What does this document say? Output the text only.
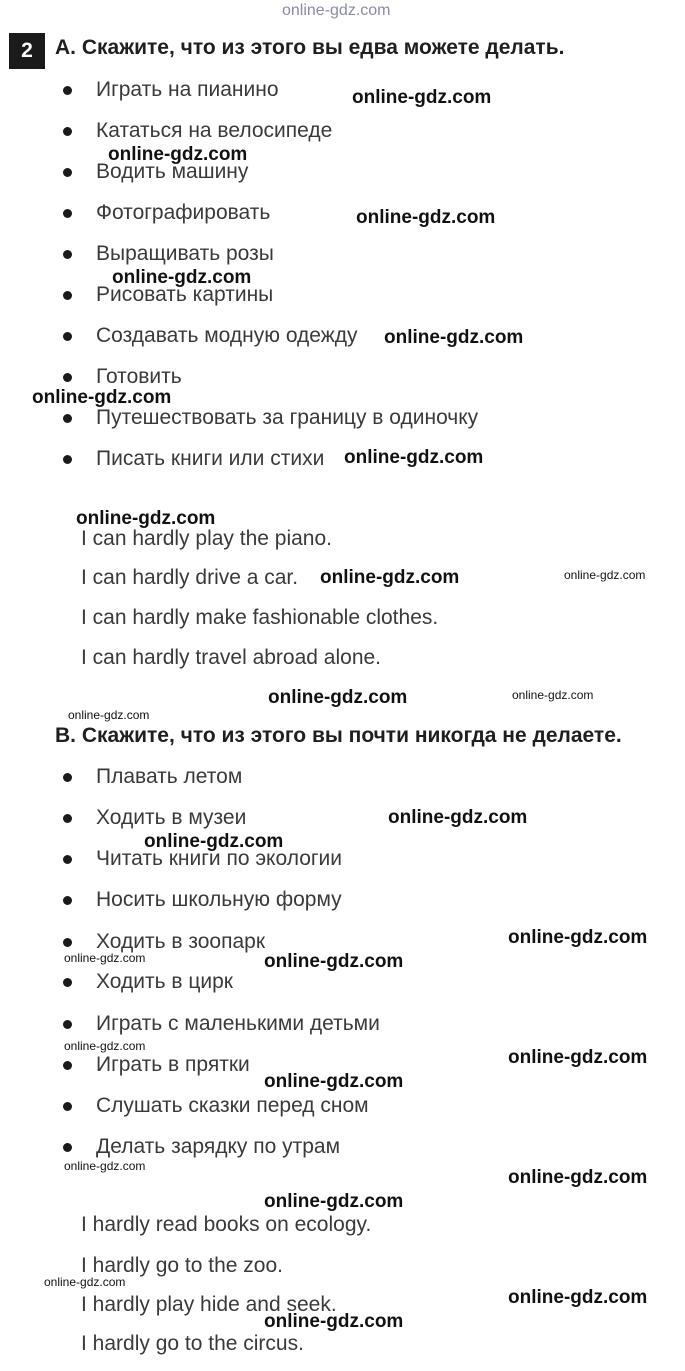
online-gdz.com
2	A. Скажите, что из этого вы едва можете делать.
Играть на пианино
Кататься на велосипеде
Водить машину
Фотографировать
Выращивать розы
Рисовать картины
Создавать модную одежду
Готовить
Путешествовать за границу в одиночку
Писать книги или стихи
I can hardly play the piano.
I can hardly drive a car.
I can hardly make fashionable clothes.
I can hardly travel abroad alone.
B. Скажите, что из этого вы почти никогда не делаете.
Плавать летом
Ходить в музеи
Читать книги по экологии
Носить школьную форму
Ходить в зоопарк
Ходить в цирк
Играть с маленькими детьми
Играть в прятки
Слушать сказки перед сном
Делать зарядку по утрам
I hardly read books on ecology.
I hardly go to the zoo.
I hardly play hide and seek.
I hardly go to the circus.
online-gdz.com
online-gdz.com
online-gdz.com
online-gdz.com
online-gdz.com
online-gdz.com
online-gdz.com
online-gdz.com
online-gdz.com	online-gdz.com
online-gdz.com	online-gdz.com
online-gdz.com
online-gdz.com
online-gdz.com
online-gdz.com
online-gdz.com	online-gdz.com
online-gdz.com
online-gdz.com
online-gdz.com
online-gdz.com
online-gdz.com
online-gdz.com
online-gdz.com
online-gdz.com
online-gdz.com
